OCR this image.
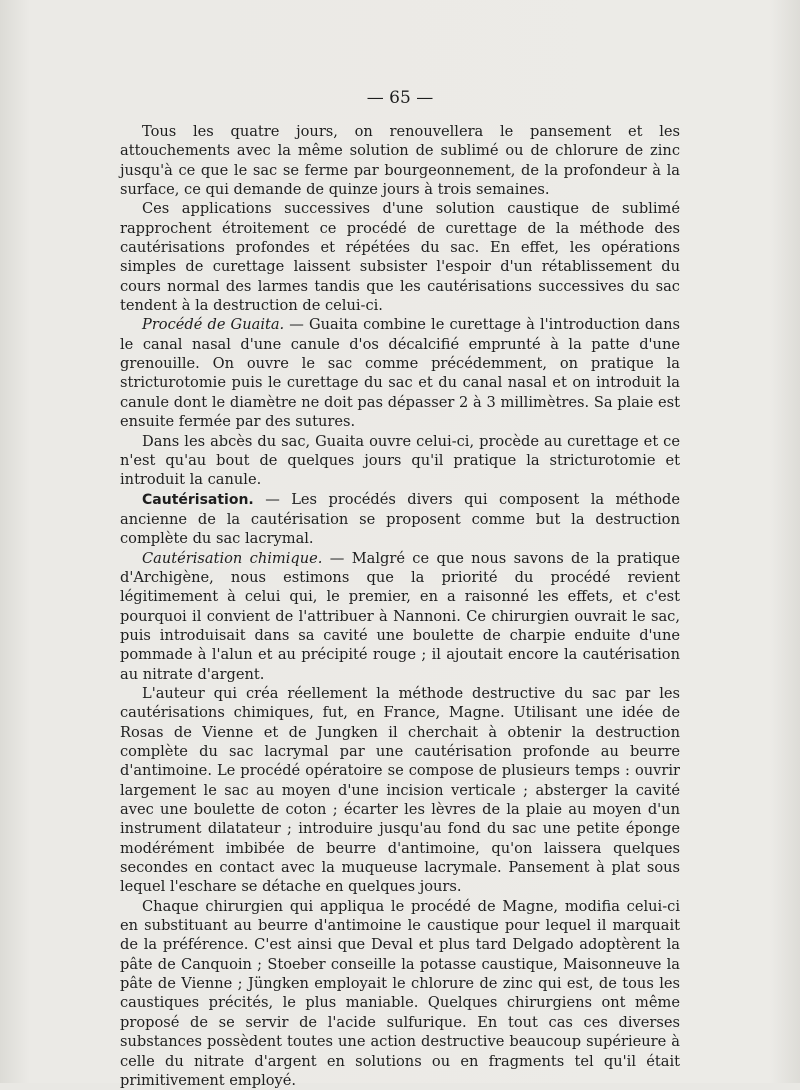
— 65 —

Tous les quatre jours, on renouvellera le pansement et les attouchements avec la même solution de sublimé ou de chlorure de zinc jusqu'à ce que le sac se ferme par bourgeonnement, de la profondeur à la surface, ce qui demande de quinze jours à trois semaines.

Ces applications successives d'une solution caustique de sublimé rapprochent étroitement ce procédé de curettage de la méthode des cautérisations profondes et répétées du sac. En effet, les opérations simples de curettage laissent subsister l'espoir d'un rétablissement du cours normal des larmes tandis que les cautérisations successives du sac tendent à la destruction de celui-ci.

Procédé de Guaita. — Guaita combine le curettage à l'introduction dans le canal nasal d'une canule d'os décalcifié emprunté à la patte d'une grenouille. On ouvre le sac comme précédemment, on pratique la stricturotomie puis le curettage du sac et du canal nasal et on introduit la canule dont le diamètre ne doit pas dépasser 2 à 3 millimètres. Sa plaie est ensuite fermée par des sutures.

Dans les abcès du sac, Guaita ouvre celui-ci, procède au curettage et ce n'est qu'au bout de quelques jours qu'il pratique la stricturotomie et introduit la canule.

Cautérisation. — Les procédés divers qui composent la méthode ancienne de la cautérisation se proposent comme but la destruction complète du sac lacrymal.

Cautérisation chimique. — Malgré ce que nous savons de la pratique d'Archigène, nous estimons que la priorité du procédé revient légitimement à celui qui, le premier, en a raisonné les effets, et c'est pourquoi il convient de l'attribuer à Nannoni. Ce chirurgien ouvrait le sac, puis introduisait dans sa cavité une boulette de charpie enduite d'une pommade à l'alun et au précipité rouge ; il ajoutait encore la cautérisation au nitrate d'argent.

L'auteur qui créa réellement la méthode destructive du sac par les cautérisations chimiques, fut, en France, Magne. Utilisant une idée de Rosas de Vienne et de Jungken il cherchait à obtenir la destruction complète du sac lacrymal par une cautérisation profonde au beurre d'antimoine. Le procédé opératoire se compose de plusieurs temps : ouvrir largement le sac au moyen d'une incision verticale ; absterger la cavité avec une boulette de coton ; écarter les lèvres de la plaie au moyen d'un instrument dilatateur ; introduire jusqu'au fond du sac une petite éponge modérément imbibée de beurre d'antimoine, qu'on laissera quelques secondes en contact avec la muqueuse lacrymale. Pansement à plat sous lequel l'eschare se détache en quelques jours.

Chaque chirurgien qui appliqua le procédé de Magne, modifia celui-ci en substituant au beurre d'antimoine le caustique pour lequel il marquait de la préférence. C'est ainsi que Deval et plus tard Delgado adoptèrent la pâte de Canquoin ; Stoeber conseille la potasse caustique, Maisonneuve la pâte de Vienne ; Jüngken employait le chlorure de zinc qui est, de tous les caustiques précités, le plus maniable. Quelques chirurgiens ont même proposé de se servir de l'acide sulfurique. En tout cas ces diverses substances possèdent toutes une action destructive beaucoup supérieure à celle du nitrate d'argent en solutions ou en fragments tel qu'il était primitivement employé.
